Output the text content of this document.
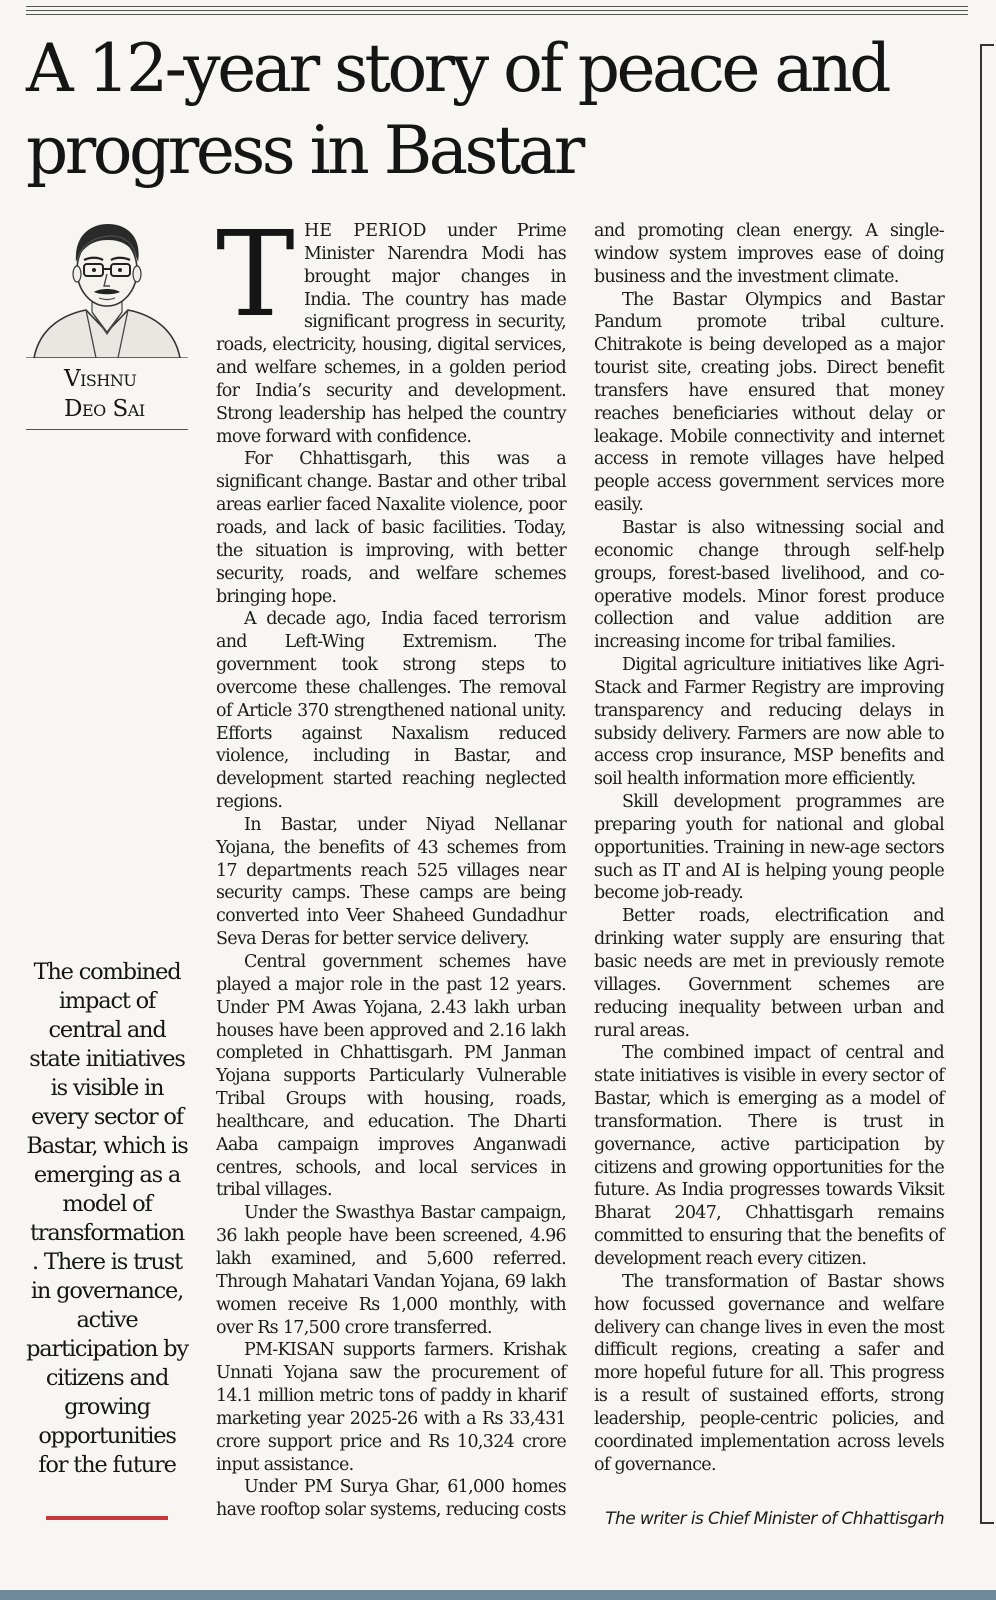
A 12-year story of peace and
progress in Bastar
Vishnu
Deo Sai
The combined impact of central and state initiatives is visible in every sector of Bastar, which is emerging as a model of transformation . There is trust in governance, active participation by citizens and growing opportunities for the future

THE PERIOD under Prime Minister Narendra Modi has brought major changes in India. The country has made significant progress in security, roads, electricity, housing, digital services, and welfare schemes, in a golden period for India’s security and development. Strong leadership has helped the country move forward with confidence.

For Chhattisgarh, this was a significant change. Bastar and other tribal areas earlier faced Naxalite violence, poor roads, and lack of basic facilities. Today, the situation is improving, with better security, roads, and welfare schemes bringing hope.

A decade ago, India faced terrorism and Left-Wing Extremism. The government took strong steps to overcome these challenges. The removal of Article 370 strengthened national unity. Efforts against Naxalism reduced violence, including in Bastar, and development started reaching neglected regions.

In Bastar, under Niyad Nellanar Yojana, the benefits of 43 schemes from 17 departments reach 525 villages near security camps. These camps are being converted into Veer Shaheed Gundadhur Seva Deras for better service delivery.

Central government schemes have played a major role in the past 12 years. Under PM Awas Yojana, 2.43 lakh urban houses have been approved and 2.16 lakh completed in Chhattisgarh. PM Janman Yojana supports Particularly Vulnerable Tribal Groups with housing, roads, healthcare, and education. The Dharti Aaba campaign improves Anganwadi centres, schools, and local services in tribal villages.

Under the Swasthya Bastar campaign, 36 lakh people have been screened, 4.96 lakh examined, and 5,600 referred. Through Mahatari Vandan Yojana, 69 lakh women receive Rs 1,000 monthly, with over Rs 17,500 crore transferred.

PM-KISAN supports farmers. Krishak Unnati Yojana saw the procurement of 14.1 million metric tons of paddy in kharif marketing year 2025-26 with a Rs 33,431 crore support price and Rs 10,324 crore input assistance.

Under PM Surya Ghar, 61,000 homes have rooftop solar systems, reducing costs

and promoting clean energy. A single-window system improves ease of doing business and the investment climate.

The Bastar Olympics and Bastar Pandum promote tribal culture. Chitrakote is being developed as a major tourist site, creating jobs. Direct benefit transfers have ensured that money reaches beneficiaries without delay or leakage. Mobile connectivity and internet access in remote villages have helped people access government services more easily.

Bastar is also witnessing social and economic change through self-help groups, forest-based livelihood, and co-operative models. Minor forest produce collection and value addition are increasing income for tribal families.

Digital agriculture initiatives like Agri-Stack and Farmer Registry are improving transparency and reducing delays in subsidy delivery. Farmers are now able to access crop insurance, MSP benefits and soil health information more efficiently.

Skill development programmes are preparing youth for national and global opportunities. Training in new-age sectors such as IT and AI is helping young people become job-ready.

Better roads, electrification and drinking water supply are ensuring that basic needs are met in previously remote villages. Government schemes are reducing inequality between urban and rural areas.

The combined impact of central and state initiatives is visible in every sector of Bastar, which is emerging as a model of transformation. There is trust in governance, active participation by citizens and growing opportunities for the future. As India progresses towards Viksit Bharat 2047, Chhattisgarh remains committed to ensuring that the benefits of development reach every citizen.

The transformation of Bastar shows how focussed governance and welfare delivery can change lives in even the most difficult regions, creating a safer and more hopeful future for all. This progress is a result of sustained efforts, strong leadership, people-centric policies, and coordinated implementation across levels of governance.

The writer is Chief Minister of Chhattisgarh
